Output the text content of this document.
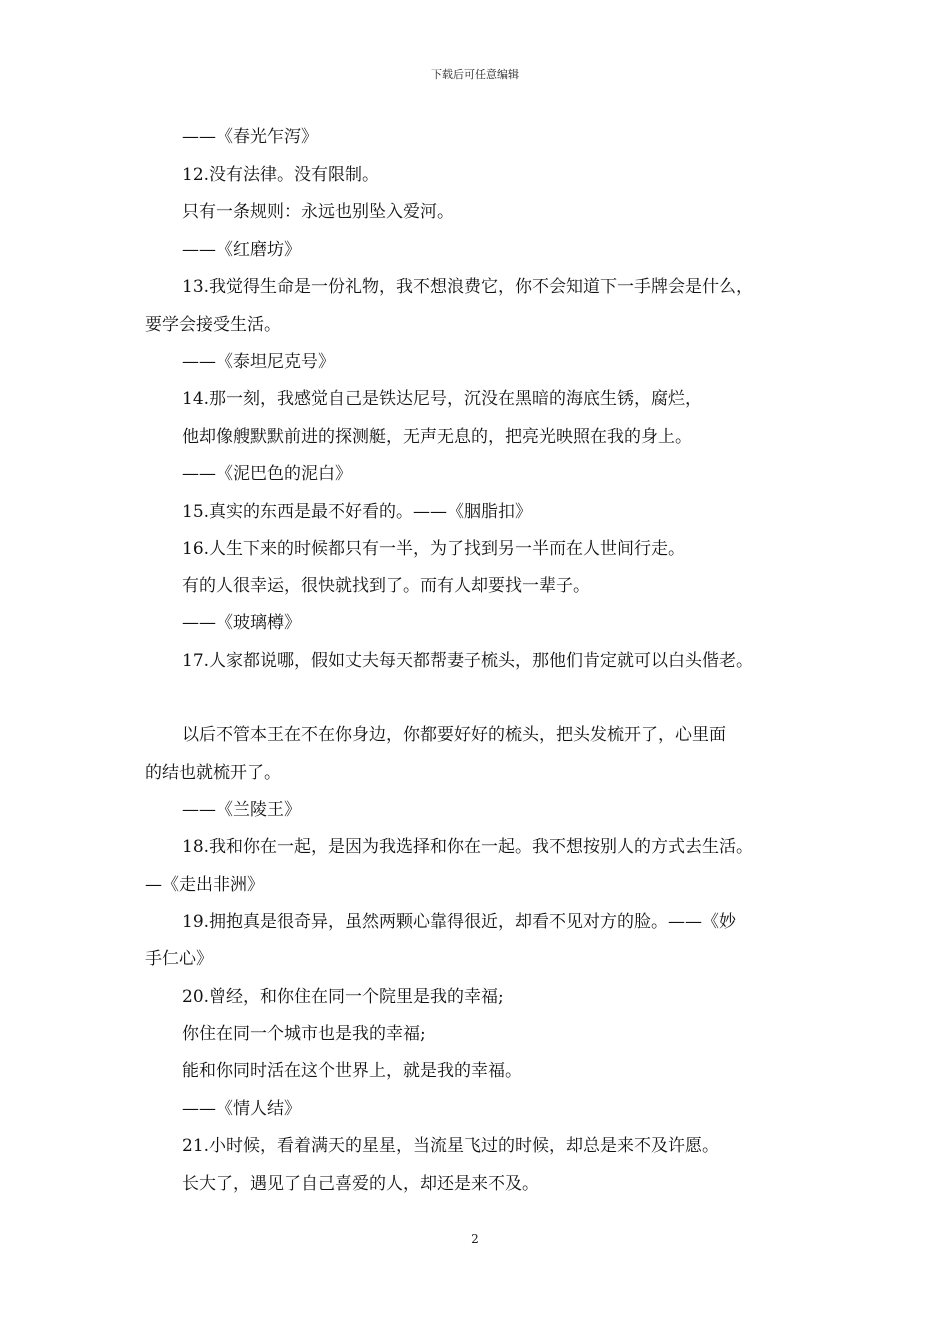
下载后可任意编辑
——《春光乍泻》
12.没有法律。没有限制。
只有一条规则：永远也别坠入爱河。
——《红磨坊》
13.我觉得生命是一份礼物，我不想浪费它，你不会知道下一手牌会是什么，
要学会接受生活。
——《泰坦尼克号》
14.那一刻，我感觉自己是铁达尼号，沉没在黑暗的海底生锈，腐烂，
他却像艘默默前进的探测艇，无声无息的，把亮光映照在我的身上。
——《泥巴色的泥白》
15.真实的东西是最不好看的。——《胭脂扣》
16.人生下来的时候都只有一半，为了找到另一半而在人世间行走。
有的人很幸运，很快就找到了。而有人却要找一辈子。
——《玻璃樽》
17.人家都说哪，假如丈夫每天都帮妻子梳头，那他们肯定就可以白头偕老。
以后不管本王在不在你身边，你都要好好的梳头，把头发梳开了，心里面
的结也就梳开了。
——《兰陵王》
18.我和你在一起，是因为我选择和你在一起。我不想按别人的方式去生活。
—《走出非洲》
19.拥抱真是很奇异，虽然两颗心靠得很近，却看不见对方的脸。——《妙
手仁心》
20.曾经，和你住在同一个院里是我的幸福;
你住在同一个城市也是我的幸福;
能和你同时活在这个世界上，就是我的幸福。
——《情人结》
21.小时候，看着满天的星星，当流星飞过的时候，却总是来不及许愿。
长大了，遇见了自己喜爱的人，却还是来不及。
2
